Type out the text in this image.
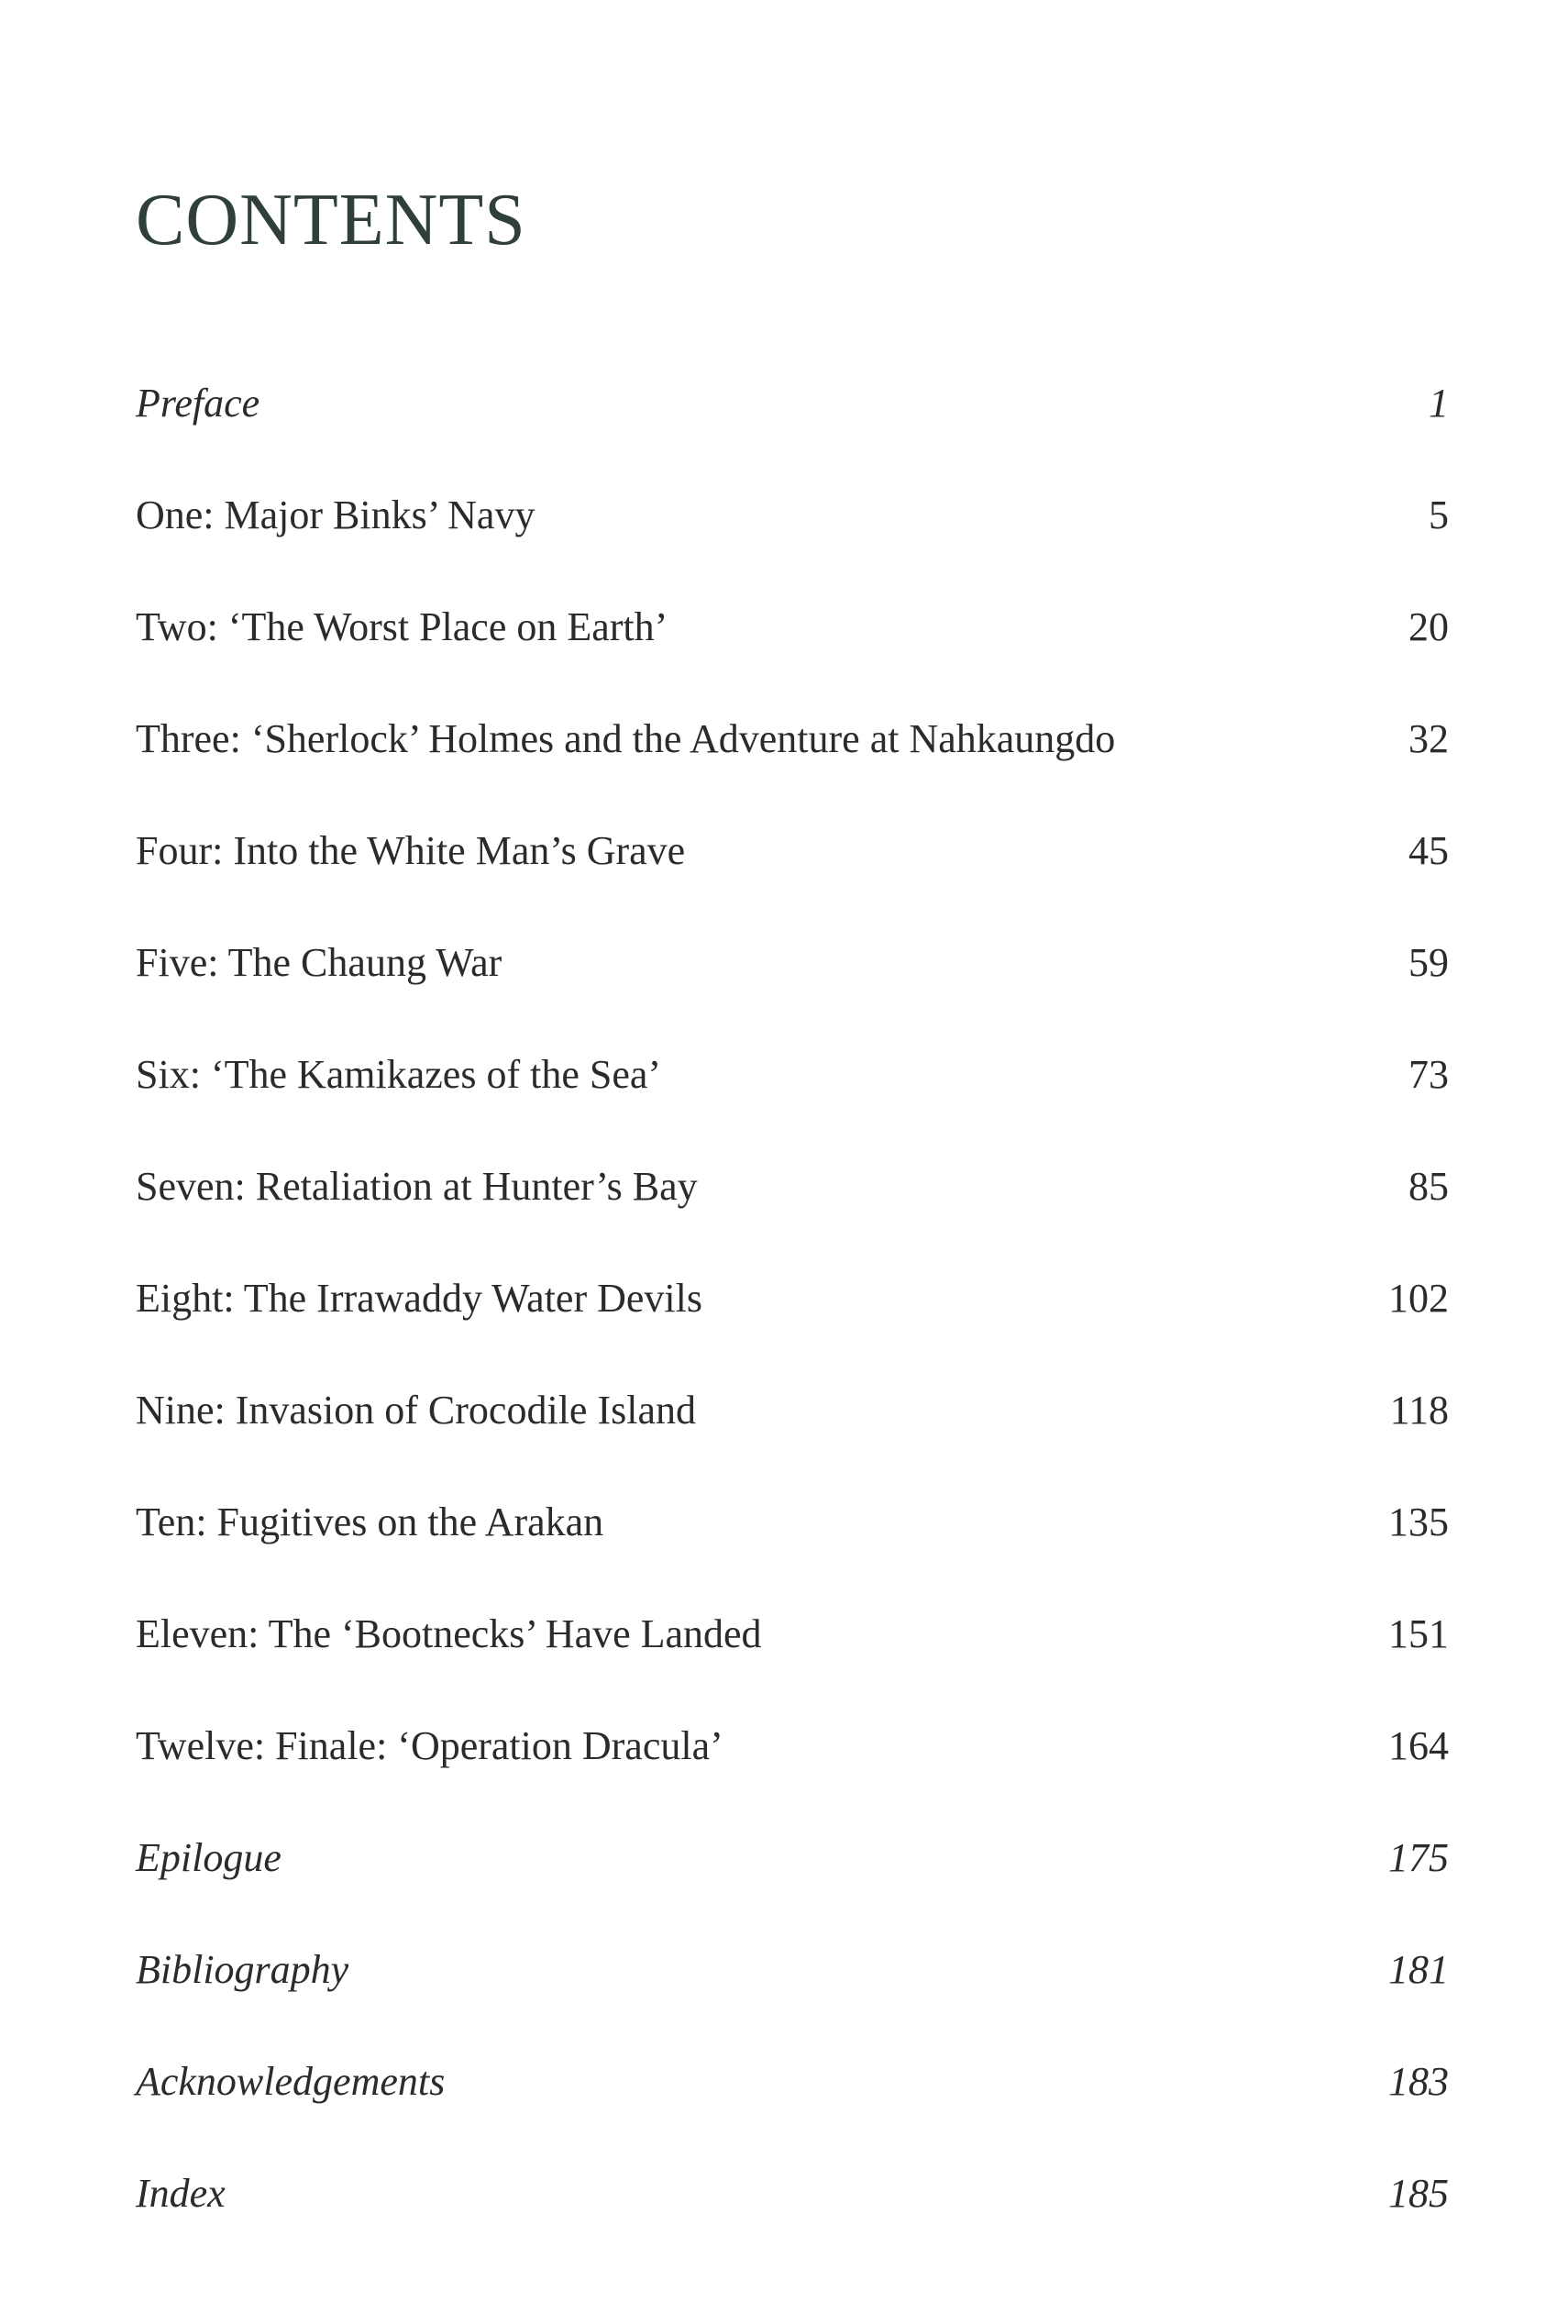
CONTENTS
Preface	1
One: Major Binks’ Navy	5
Two: ‘The Worst Place on Earth’	20
Three: ‘Sherlock’ Holmes and the Adventure at Nahkaungdo	32
Four: Into the White Man’s Grave	45
Five: The Chaung War	59
Six: ‘The Kamikazes of the Sea’	73
Seven: Retaliation at Hunter’s Bay	85
Eight: The Irrawaddy Water Devils	102
Nine: Invasion of Crocodile Island	118
Ten: Fugitives on the Arakan	135
Eleven: The ‘Bootnecks’ Have Landed	151
Twelve: Finale: ‘Operation Dracula’	164
Epilogue	175
Bibliography	181
Acknowledgements	183
Index	185
